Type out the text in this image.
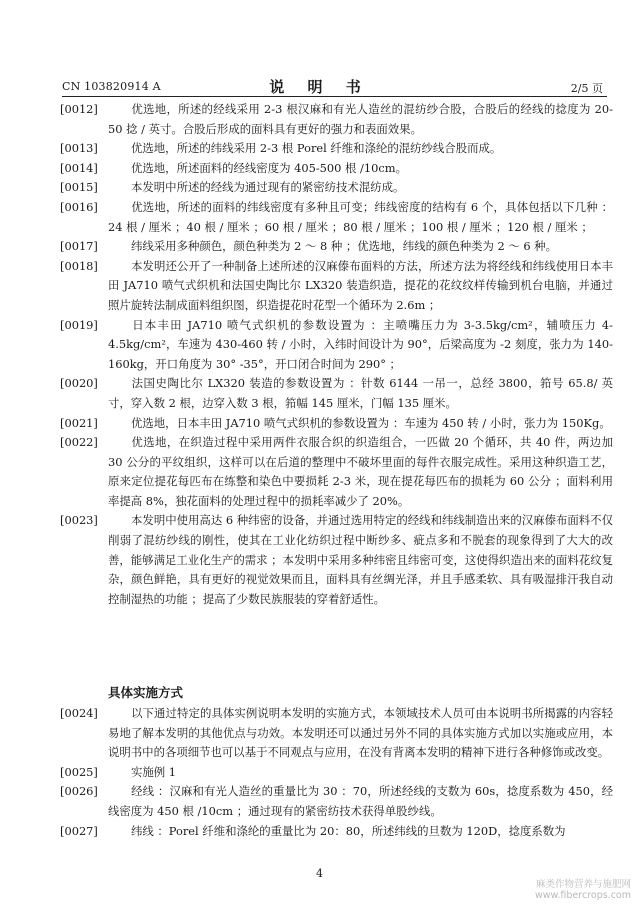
CN 103820914 A	说 明 书	2/5 页
[0012]	优选地，所述的经线采用 2-3 根汉麻和有光人造丝的混纺纱合股，合股后的经线的捻度为 20-50 捻 / 英寸。合股后形成的面料具有更好的强力和表面效果。
[0013]	优选地，所述的纬线采用 2-3 根 Porel 纤维和涤纶的混纺纱线合股而成。
[0014]	优选地，所述面料的经线密度为 405-500 根 /10cm。
[0015]	本发明中所述的经线为通过现有的紧密纺技术混纺成。
[0016]	优选地，所述的面料的纬线密度有多种且可变；纬线密度的结构有 6 个，具体包括以下几种 ：24 根 / 厘米 ；40 根 / 厘米 ；60 根 / 厘米 ；80 根 / 厘米 ；100 根 / 厘米 ；120 根 / 厘米 ；
[0017]	纬线采用多种颜色，颜色种类为 2 ～ 8 种 ；优选地，纬线的颜色种类为 2 ～ 6 种。
[0018]	本发明还公开了一种制备上述所述的汉麻傣布面料的方法，所述方法为将经线和纬线使用日本丰田 JA710 喷气式织机和法国史陶比尔 LX320 装造织造，提花的花纹纹样传输到机台电脑，并通过照片旋转法制成面料组织图，织造提花时花型一个循环为 2.6m ；
[0019]	日本丰田 JA710 喷气式织机的参数设置为 ：主喷嘴压力为 3-3.5kg/cm²，辅喷压力 4-4.5kg/cm²，车速为 430-460 转 / 小时，入纬时间设计为 90°，后梁高度为 -2 刻度，张力为 140-160kg，开口角度为 30° -35°，开口闭合时间为 290° ；
[0020]	法国史陶比尔 LX320 装造的参数设置为 ：针数 6144 一吊一，总经 3800，筘号 65.8/ 英寸，穿入数 2 根，边穿入数 3 根，筘幅 145 厘米，门幅 135 厘米。
[0021]	优选地，日本丰田 JA710 喷气式织机的参数设置为 ：车速为 450 转 / 小时，张力为 150Kg。
[0022]	优选地，在织造过程中采用两件衣服合织的织造组合，一匹做 20 个循环，共 40 件，两边加 30 公分的平纹组织，这样可以在后道的整理中不破坏里面的每件衣服完成性。采用这种织造工艺，原来定位提花每匹布在练整和染色中要损耗 2-3 米，现在提花每匹布的损耗为 60 公分 ；面料利用率提高 8%，独花面料的处理过程中的损耗率减少了 20%。
[0023]	本发明中使用高达 6 种纬密的设备，并通过选用特定的经线和纬线制造出来的汉麻傣布面料不仅削弱了混纺纱线的刚性，使其在工业化纺织过程中断纱多、疵点多和不脱套的现象得到了大大的改善，能够满足工业化生产的需求 ；本发明中采用多种纬密且纬密可变，这使得织造出来的面料花纹复杂，颜色鲜艳，具有更好的视觉效果而且，面料具有丝绸光泽，并且手感柔软、具有吸湿排汗我自动控制湿热的功能 ；提高了少数民族服装的穿着舒适性。
具体实施方式
[0024]	以下通过特定的具体实例说明本发明的实施方式，本领域技术人员可由本说明书所揭露的内容轻易地了解本发明的其他优点与功效。本发明还可以通过另外不同的具体实施方式加以实施或应用，本说明书中的各项细节也可以基于不同观点与应用，在没有背离本发明的精神下进行各种修饰或改变。
[0025]	实施例 1
[0026]	经线 ：汉麻和有光人造丝的重量比为 30 ：70，所述经线的支数为 60s，捻度系数为 450，经线密度为 450 根 /10cm ；通过现有的紧密纺技术获得单股纱线。
[0027]	纬线 ：Porel 纤维和涤纶的重量比为 20：80，所述纬线的旦数为 120D，捻度系数为
4
麻类作物营养与施肥网
www.fibercrops.com
